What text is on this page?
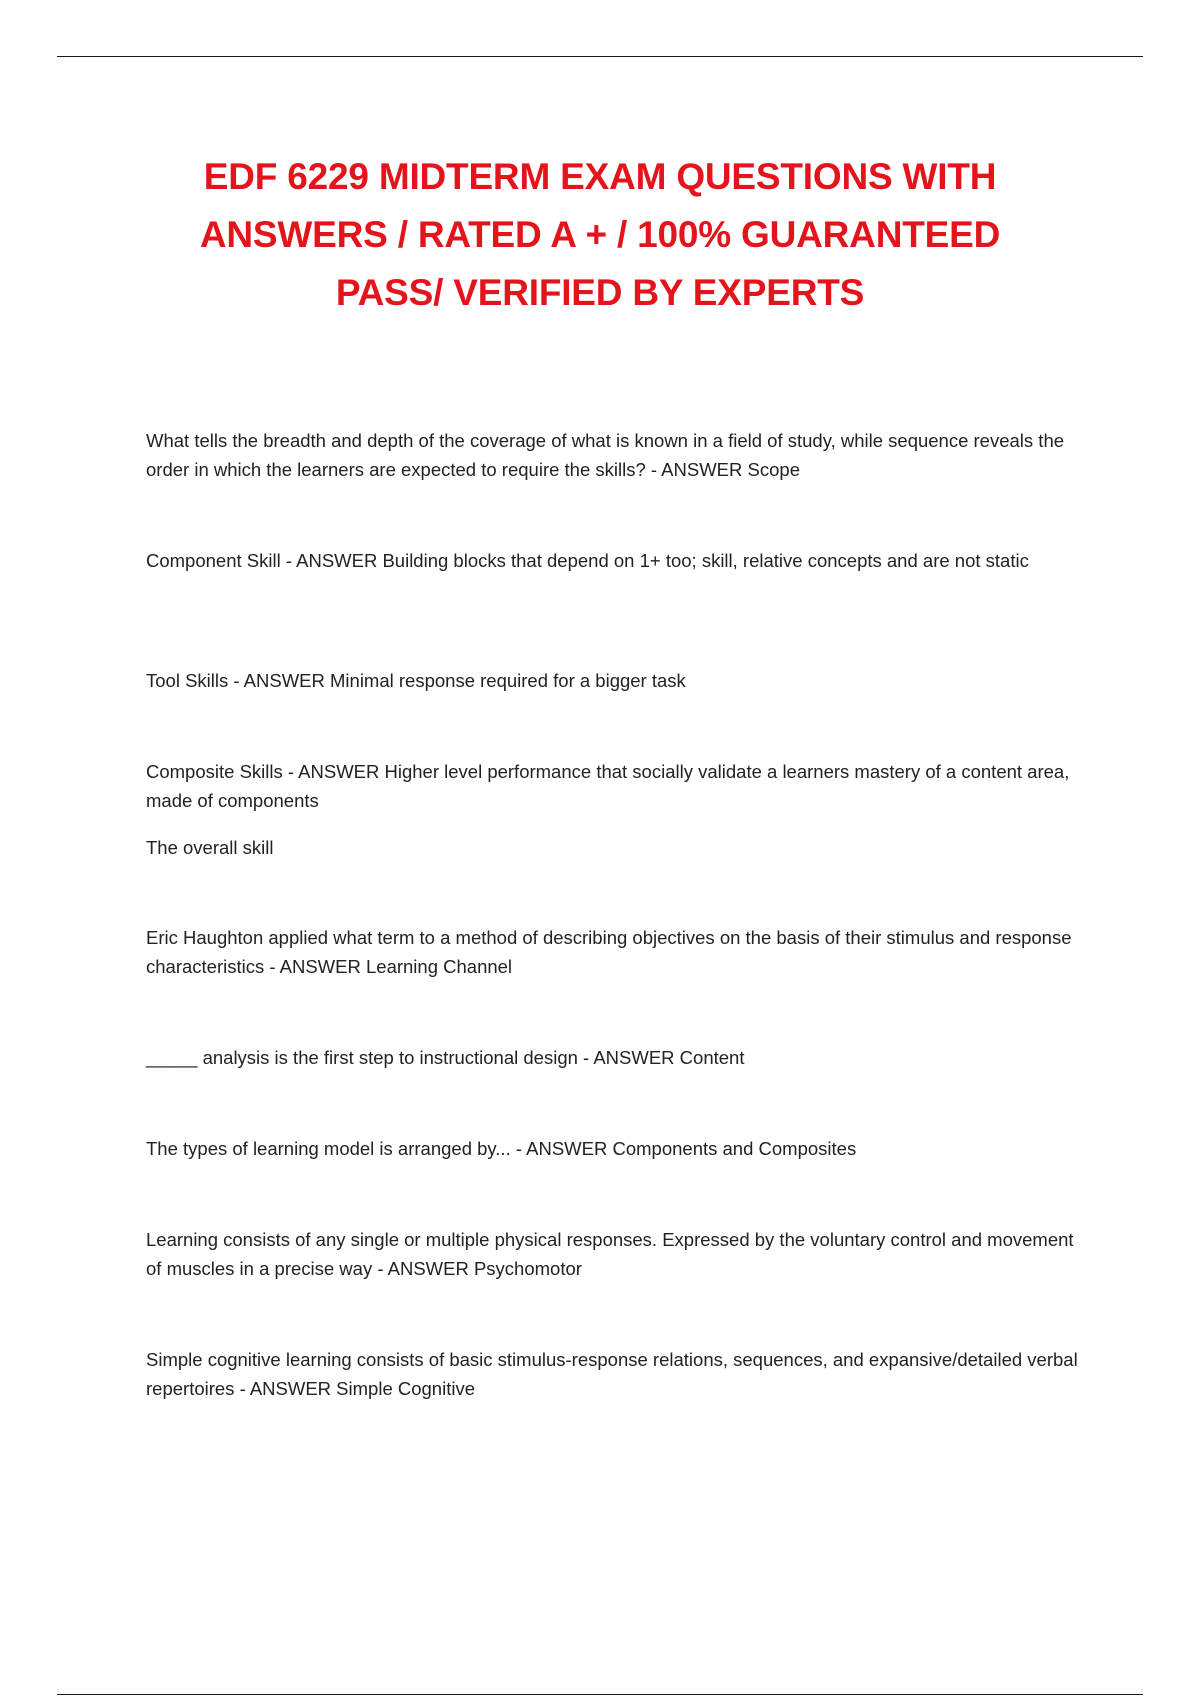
EDF 6229 MIDTERM EXAM QUESTIONS WITH
ANSWERS / RATED A + / 100% GUARANTEED
PASS/ VERIFIED BY EXPERTS

What tells the breadth and depth of the coverage of what is known in a field of study, while sequence reveals the order in which the learners are expected to require the skills? - ANSWER Scope

Component Skill - ANSWER Building blocks that depend on 1+ too; skill, relative concepts and are not static

Tool Skills - ANSWER Minimal response required for a bigger task

Composite Skills - ANSWER Higher level performance that socially validate a learners mastery of a content area, made of components

The overall skill

Eric Haughton applied what term to a method of describing objectives on the basis of their stimulus and response characteristics - ANSWER Learning Channel

_____ analysis is the first step to instructional design - ANSWER Content

The types of learning model is arranged by... - ANSWER Components and Composites

Learning consists of any single or multiple physical responses. Expressed by the voluntary control and movement of muscles in a precise way - ANSWER Psychomotor

Simple cognitive learning consists of basic stimulus-response relations, sequences, and expansive/detailed verbal repertoires - ANSWER Simple Cognitive
